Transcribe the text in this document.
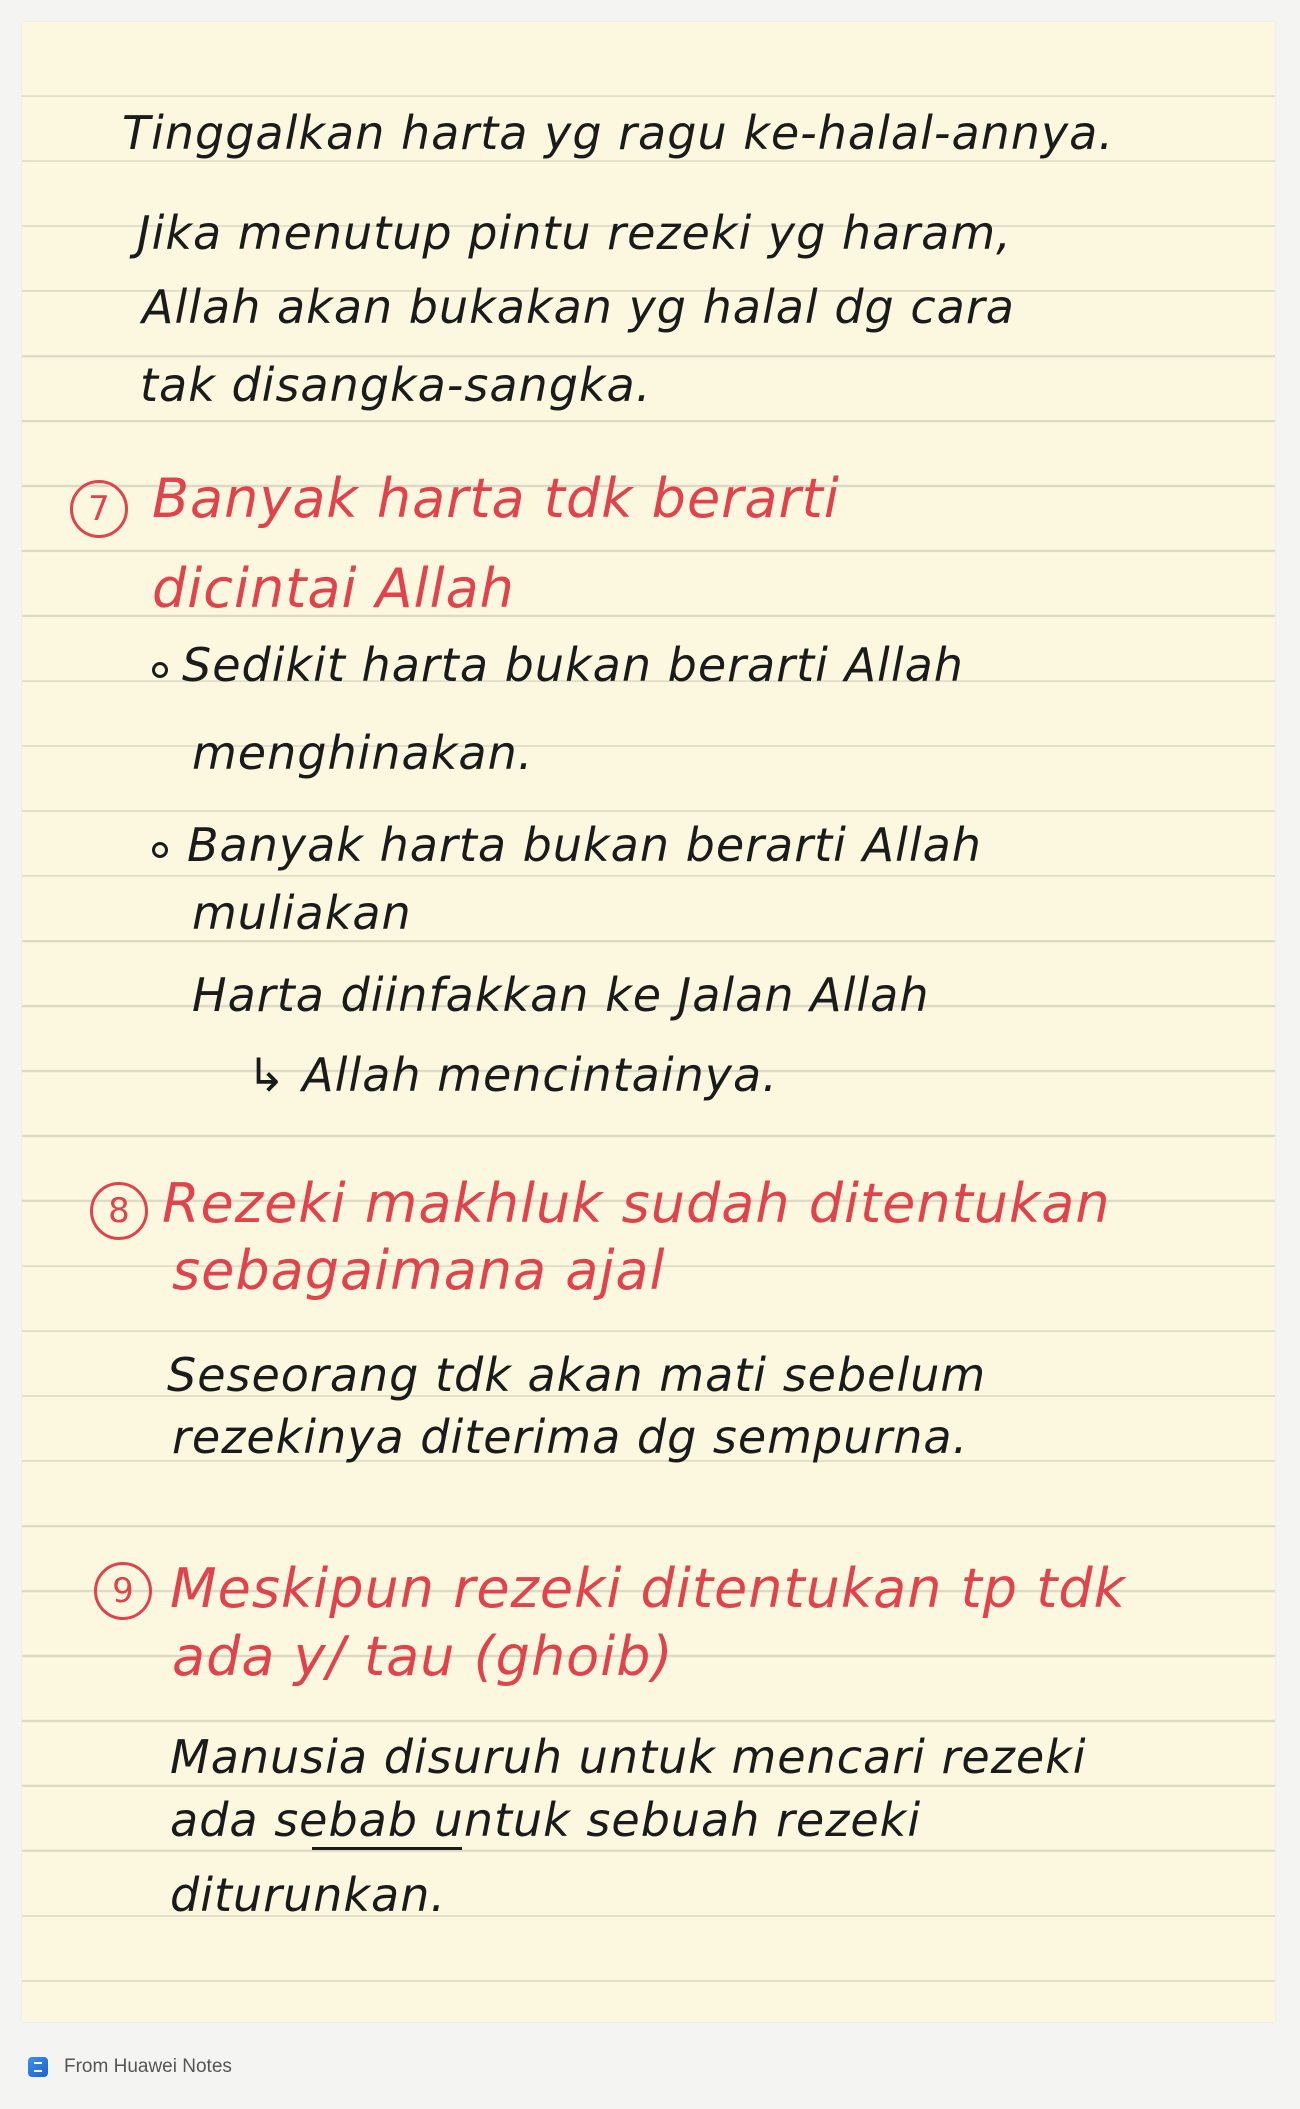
Tinggalkan harta yg ragu ke-halal-annya.
Jika menutup pintu rezeki yg haram,
Allah akan bukakan yg halal dg cara
tak disangka-sangka.
7 Banyak harta tdk berarti
dicintai Allah
Sedikit harta bukan berarti Allah
menghinakan.
Banyak harta bukan berarti Allah
muliakan
Harta diinfakkan ke Jalan Allah
↳ Allah mencintainya.
8 Rezeki makhluk sudah ditentukan
sebagaimana ajal
Seseorang tdk akan mati sebelum
rezekinya diterima dg sempurna.
9 Meskipun rezeki ditentukan tp tdk
ada y/ tau (ghoib)
Manusia disuruh untuk mencari rezeki
ada sebab untuk sebuah rezeki
diturunkan.
From Huawei Notes
